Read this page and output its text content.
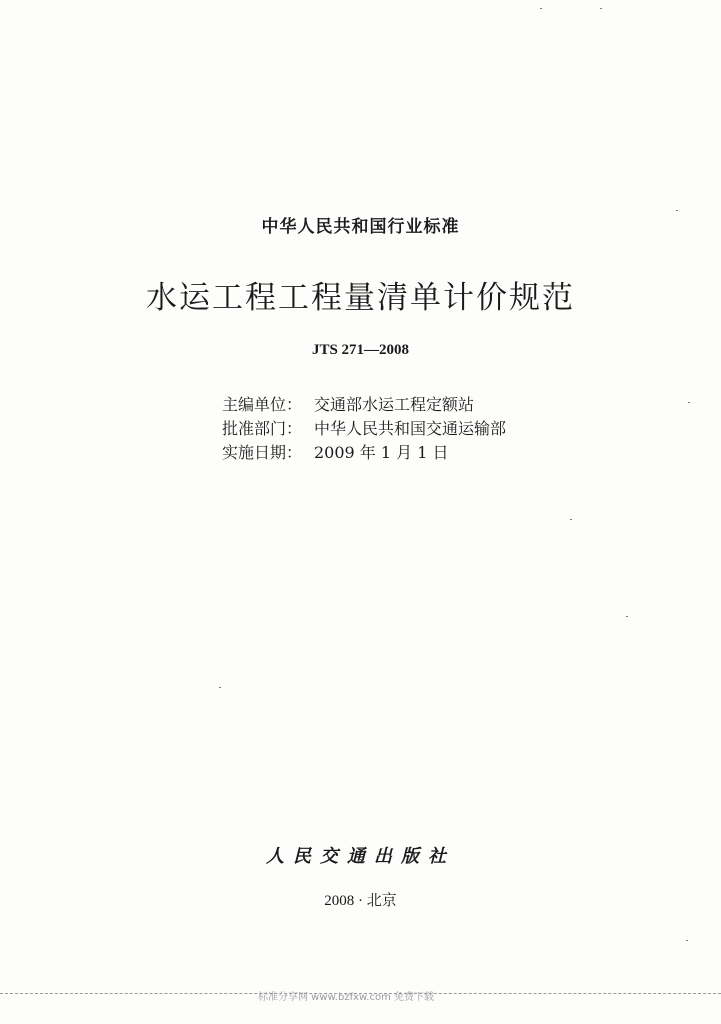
中华人民共和国行业标准
水运工程工程量清单计价规范
JTS 271—2008
主编单位： 交通部水运工程定额站
批准部门： 中华人民共和国交通运输部
实施日期： 2009 年 1 月 1 日
人民交通出版社
2008 · 北京
标准分享网 www.bzfxw.com 免费下载
